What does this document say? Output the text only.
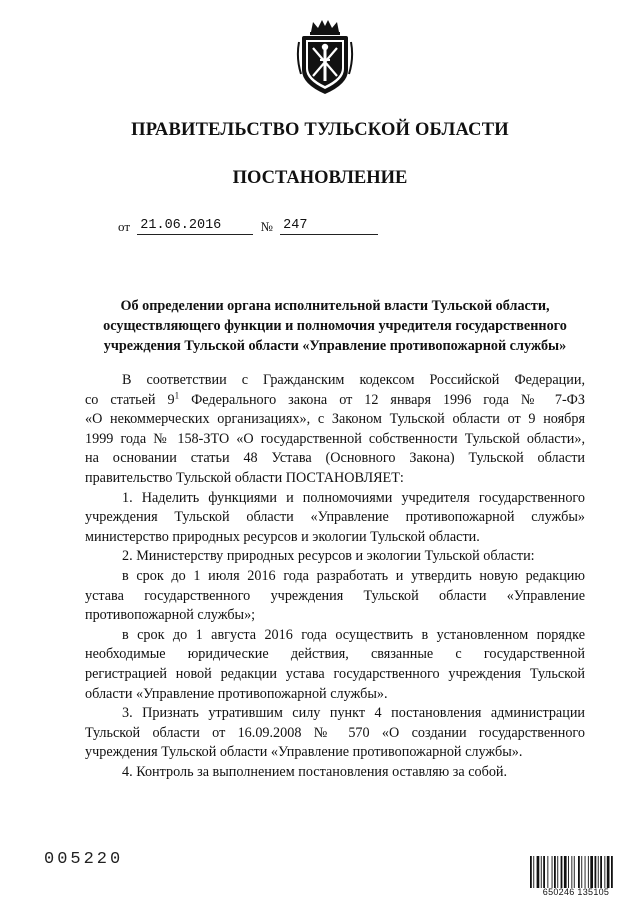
ПРАВИТЕЛЬСТВО ТУЛЬСКОЙ ОБЛАСТИ
ПОСТАНОВЛЕНИЕ
от 21.06.2016	№ 247
Об определении органа исполнительной власти Тульской области,
осуществляющего функции и полномочия учредителя государственного
учреждения Тульской области «Управление противопожарной службы»

В соответствии с Гражданским кодексом Российской Федерации,

со статьей $9^1$ Федерального закона от 12 января 1996 года № 7-ФЗ

«О некоммерческих организациях», с Законом Тульской области от 9 ноября

1999 года № 158-ЗТО «О государственной собственности Тульской области»,

на основании статьи 48 Устава (Основного Закона) Тульской области

правительство Тульской области ПОСТАНОВЛЯЕТ:

1. Наделить функциями и полномочиями учредителя государственного

учреждения Тульской области «Управление противопожарной службы»

министерство природных ресурсов и экологии Тульской области.

2. Министерству природных ресурсов и экологии Тульской области:

в срок до 1 июля 2016 года разработать и утвердить новую редакцию

устава государственного учреждения Тульской области «Управление

противопожарной службы»;

в срок до 1 августа 2016 года осуществить в установленном порядке

необходимые юридические действия, связанные с государственной

регистрацией новой редакции устава государственного учреждения Тульской

области «Управление противопожарной службы».

3. Признать утратившим силу пункт 4 постановления администрации

Тульской области от 16.09.2008 № 570 «О создании государственного

учреждения Тульской области «Управление противопожарной службы».

4. Контроль за выполнением постановления оставляю за собой.

005220
650246 135105
